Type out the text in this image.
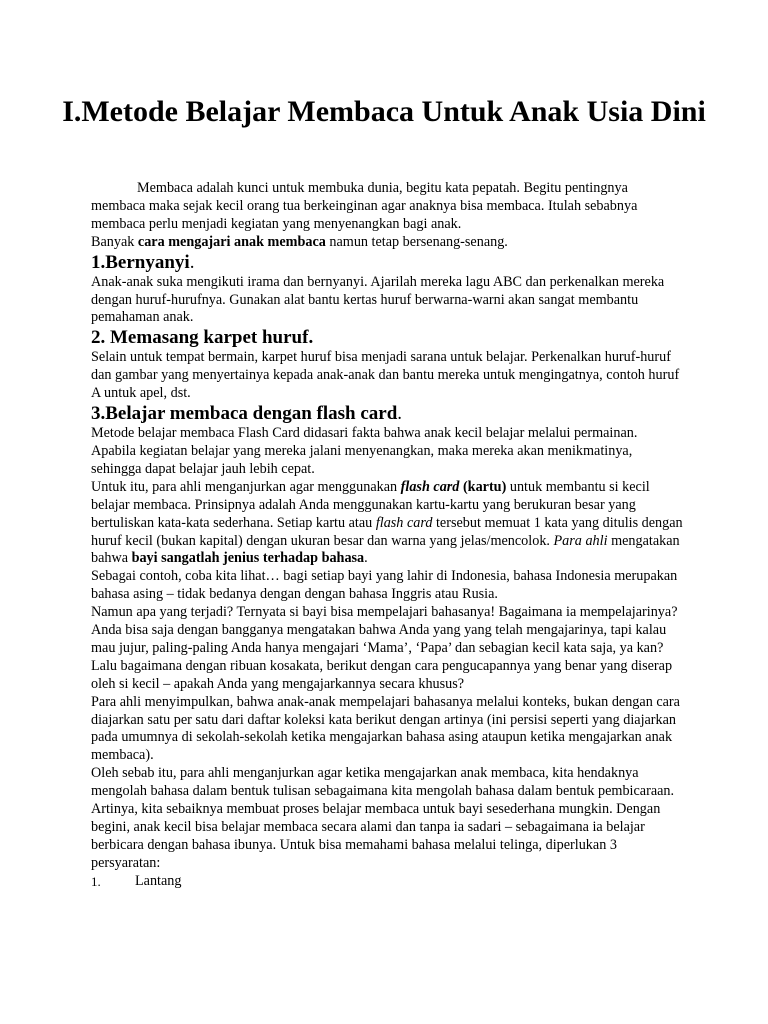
I.Metode Belajar Membaca Untuk Anak Usia Dini

Membaca adalah kunci untuk membuka dunia, begitu kata pepatah. Begitu pentingnya membaca maka sejak kecil orang tua berkeinginan agar anaknya bisa membaca. Itulah sebabnya membaca perlu menjadi kegiatan yang menyenangkan bagi anak.

Banyak cara mengajari anak membaca namun tetap bersenang-senang.

1.Bernyanyi.

Anak-anak suka mengikuti irama dan bernyanyi. Ajarilah mereka lagu ABC dan perkenalkan mereka dengan huruf-hurufnya. Gunakan alat bantu kertas huruf berwarna-warni akan sangat membantu pemahaman anak.

2. Memasang karpet huruf.

Selain untuk tempat bermain, karpet huruf bisa menjadi sarana untuk belajar. Perkenalkan huruf-huruf dan gambar yang menyertainya kepada anak-anak dan bantu mereka untuk mengingatnya, contoh huruf A untuk apel, dst.

3.Belajar membaca dengan flash card.

Metode belajar membaca Flash Card didasari fakta bahwa anak kecil belajar melalui permainan. Apabila kegiatan belajar yang mereka jalani menyenangkan, maka mereka akan menikmatinya, sehingga dapat belajar jauh lebih cepat.

Untuk itu, para ahli menganjurkan agar menggunakan flash card (kartu) untuk membantu si kecil belajar membaca. Prinsipnya adalah Anda menggunakan kartu-kartu yang berukuran besar yang bertuliskan kata-kata sederhana. Setiap kartu atau flash card tersebut memuat 1 kata yang ditulis dengan huruf kecil (bukan kapital) dengan ukuran besar dan warna yang jelas/mencolok. Para ahli mengatakan bahwa bayi sangatlah jenius terhadap bahasa.

Sebagai contoh, coba kita lihat… bagi setiap bayi yang lahir di Indonesia, bahasa Indonesia merupakan bahasa asing – tidak bedanya dengan dengan bahasa Inggris atau Rusia.

Namun apa yang terjadi? Ternyata si bayi bisa mempelajari bahasanya! Bagaimana ia mempelajarinya? Anda bisa saja dengan bangganya mengatakan bahwa Anda yang yang telah mengajarinya, tapi kalau mau jujur, paling-paling Anda hanya mengajari ‘Mama’, ‘Papa’ dan sebagian kecil kata saja, ya kan? Lalu bagaimana dengan ribuan kosakata, berikut dengan cara pengucapannya yang benar yang diserap oleh si kecil – apakah Anda yang mengajarkannya secara khusus?

Para ahli menyimpulkan, bahwa anak-anak mempelajari bahasanya melalui konteks, bukan dengan cara diajarkan satu per satu dari daftar koleksi kata berikut dengan artinya (ini persisi seperti yang diajarkan pada umumnya di sekolah-sekolah ketika mengajarkan bahasa asing ataupun ketika mengajarkan anak membaca).

Oleh sebab itu, para ahli menganjurkan agar ketika mengajarkan anak membaca, kita hendaknya mengolah bahasa dalam bentuk tulisan sebagaimana kita mengolah bahasa dalam bentuk pembicaraan. Artinya, kita sebaiknya membuat proses belajar membaca untuk bayi sesederhana mungkin. Dengan begini, anak kecil bisa belajar membaca secara alami dan tanpa ia sadari – sebagaimana ia belajar berbicara dengan bahasa ibunya. Untuk bisa memahami bahasa melalui telinga, diperlukan 3 persyaratan:

1.	Lantang
